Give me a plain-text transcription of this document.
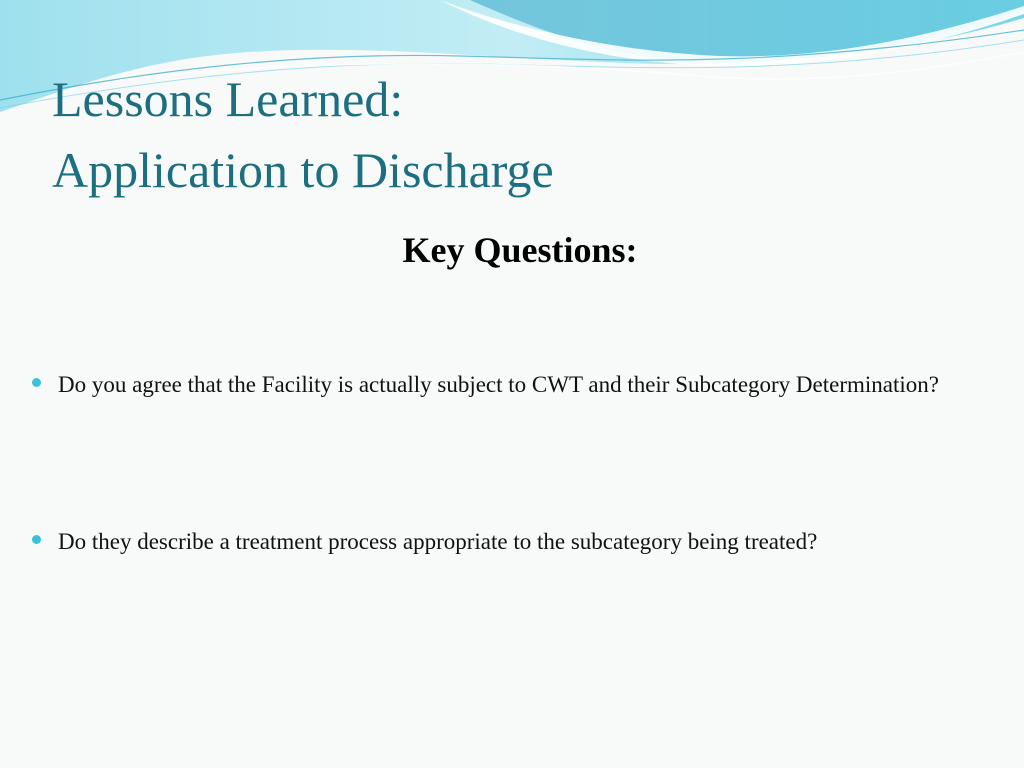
Lessons Learned:
Application to Discharge
Key Questions:
Do you agree that the Facility is actually subject to CWT and their Subcategory Determination?
Do they describe a treatment process appropriate to the subcategory being treated?
